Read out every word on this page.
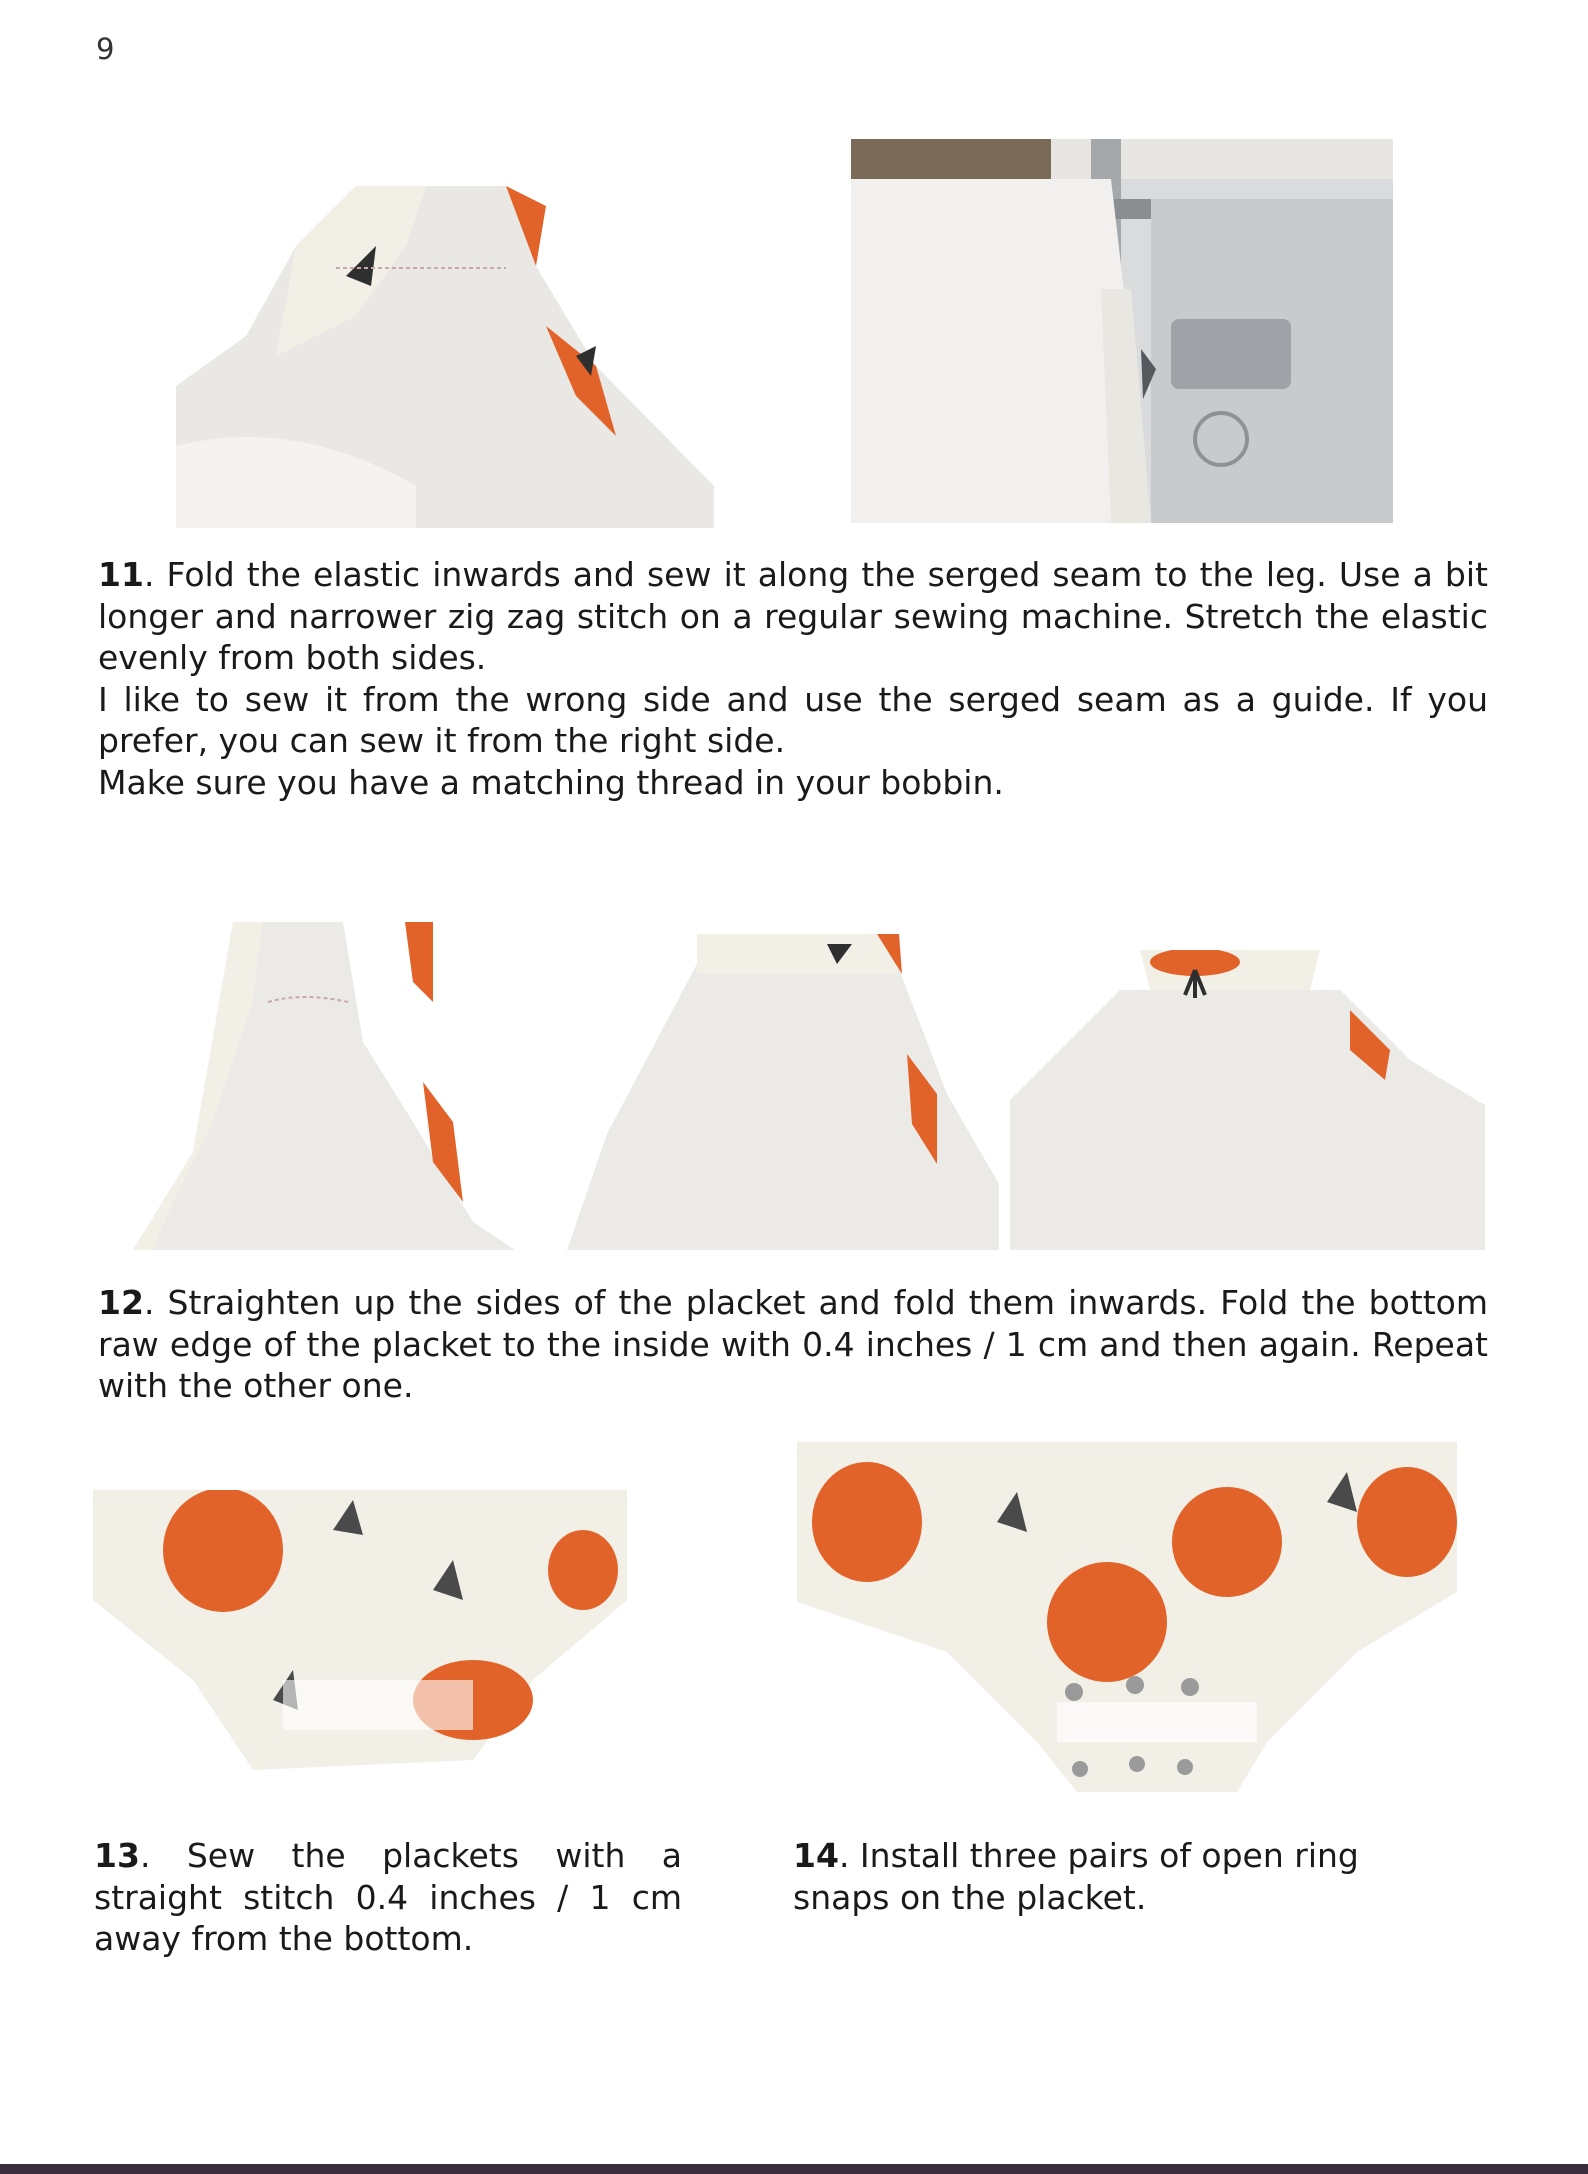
9

11. Fold the elastic inwards and sew it along the serged seam to the leg. Use a bit longer and narrower zig zag stitch on a regular sewing machine. Stretch the elastic evenly from both sides.

I like to sew it from the wrong side and use the serged seam as a guide. If you prefer, you can sew it from the right side.

Make sure you have a matching thread in your bobbin.

12. Straighten up the sides of the placket and fold them inwards. Fold the bottom raw edge of the placket to the inside with 0.4 inches / 1 cm and then again. Repeat with the other one.

13. Sew the plackets with a straight stitch 0.4 inches / 1 cm away from the bottom.

14. Install three pairs of open ring snaps on the placket.
